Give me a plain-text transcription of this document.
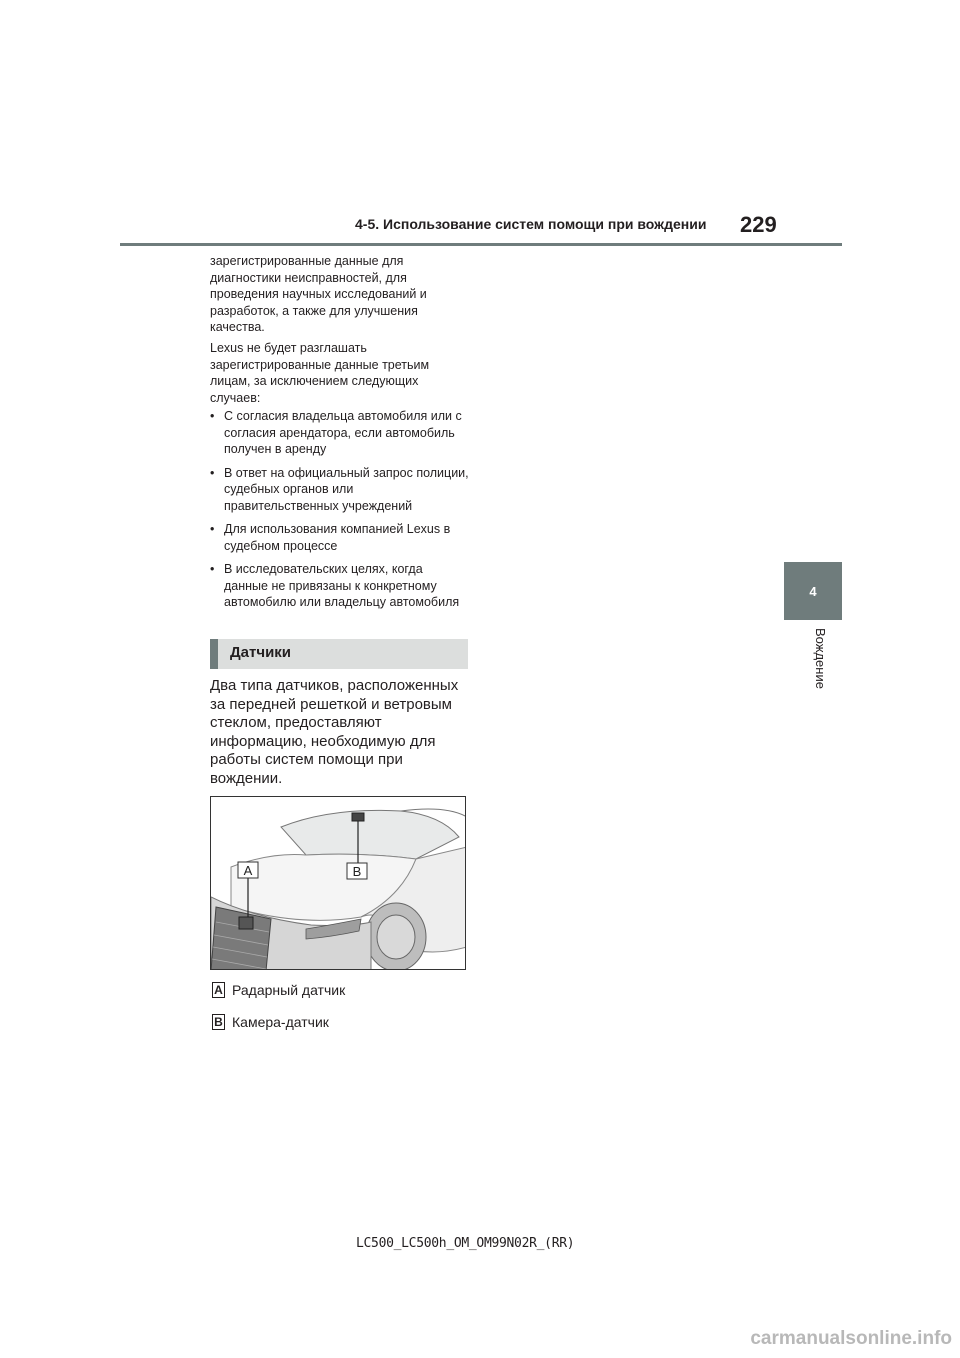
4-5. Использование систем помощи при вождении 229
4
Вождение

зарегистрированные данные для диагностики неисправностей, для проведения научных исследований и разработок, а также для улучшения качества.

Lexus не будет разглашать зарегистрированные данные третьим лицам, за исключением следующих случаев:

• С согласия владельца автомобиля или с согласия арендатора, если автомобиль получен в аренду
• В ответ на официальный запрос полиции, судебных органов или правительственных учреждений
• Для использования компанией Lexus в судебном процессе
• В исследовательских целях, когда данные не привязаны к конкретному автомобилю или владельцу автомобиля
Датчики
Два типа датчиков, расположенных за передней решеткой и ветровым стеклом, предоставляют информацию, необходимую для работы систем помощи при вождении.
A	B
A Радарный датчик
B Камера-датчик
LC500_LC500h_OM_OM99N02R_(RR)
carmanualsonline.info
